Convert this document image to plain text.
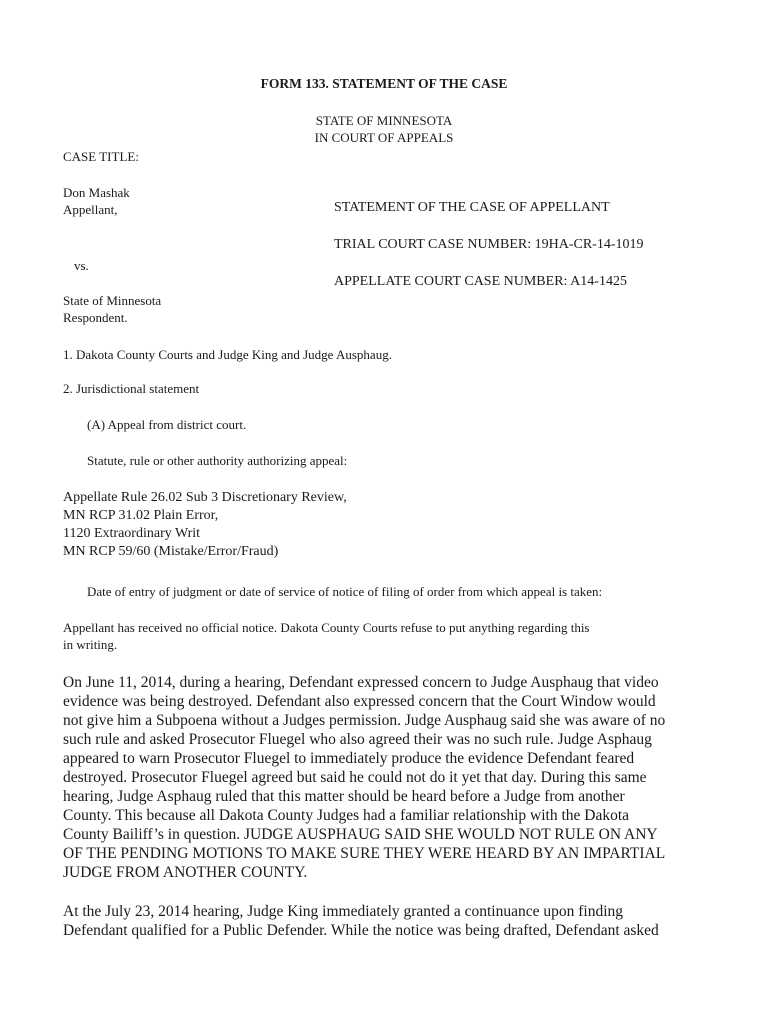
FORM 133. STATEMENT OF THE CASE
STATE OF MINNESOTA
IN COURT OF APPEALS
CASE TITLE:
Don Mashak
Appellant,
vs.
State of Minnesota
Respondent.
STATEMENT OF THE CASE OF APPELLANT
TRIAL COURT CASE NUMBER: 19HA-CR-14-1019
APPELLATE COURT CASE NUMBER: A14-1425
1. Dakota County Courts and Judge King and Judge Ausphaug.
2. Jurisdictional statement
(A) Appeal from district court.
Statute, rule or other authority authorizing appeal:
Appellate Rule 26.02 Sub 3 Discretionary Review,
MN RCP 31.02 Plain Error,
1120 Extraordinary Writ
MN RCP 59/60 (Mistake/Error/Fraud)
Date of entry of judgment or date of service of notice of filing of order from which appeal is taken:
Appellant has received no official notice. Dakota County Courts refuse to put anything regarding this
in writing.
On June 11, 2014, during a hearing, Defendant expressed concern to Judge Ausphaug that video
evidence was being destroyed. Defendant also expressed concern that the Court Window would
not give him a Subpoena without a Judges permission. Judge Ausphaug said she was aware of no
such rule and asked Prosecutor Fluegel who also agreed their was no such rule. Judge Asphaug
appeared to warn Prosecutor Fluegel to immediately produce the evidence Defendant feared
destroyed. Prosecutor Fluegel agreed but said he could not do it yet that day. During this same
hearing, Judge Asphaug ruled that this matter should be heard before a Judge from another
County. This because all Dakota County Judges had a familiar relationship with the Dakota
County Bailiff’s in question. JUDGE AUSPHAUG SAID SHE WOULD NOT RULE ON ANY
OF THE PENDING MOTIONS TO MAKE SURE THEY WERE HEARD BY AN IMPARTIAL
JUDGE FROM ANOTHER COUNTY.
At the July 23, 2014 hearing, Judge King immediately granted a continuance upon finding
Defendant qualified for a Public Defender. While the notice was being drafted, Defendant asked
